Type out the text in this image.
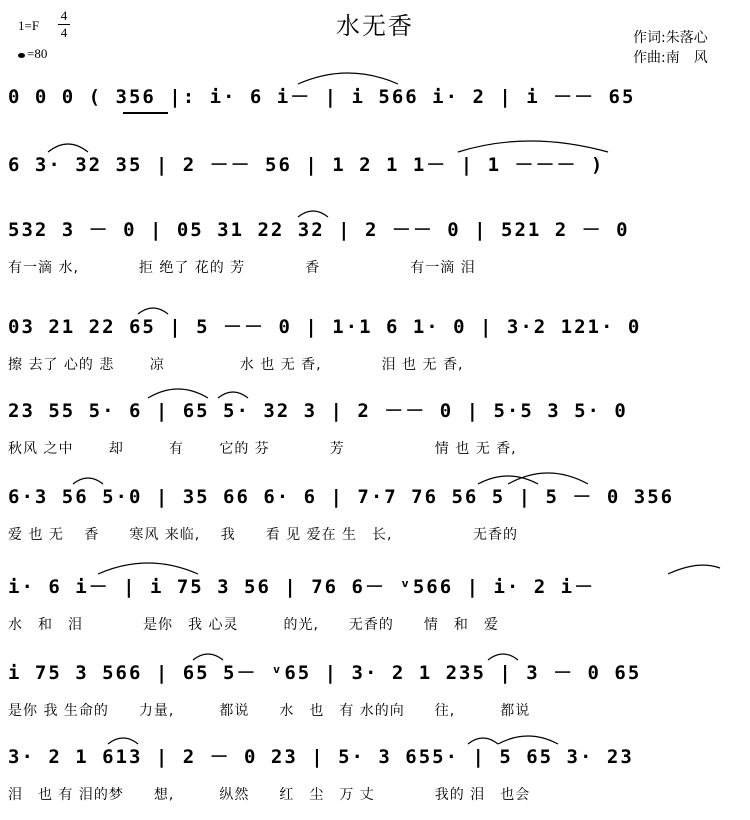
1=F
4
4
=80
水无香	作词:朱落心
作曲:南　风
0 0 0 ( 356 |: i· 6 i－ | i 566 i· 2 | i －－ 65
6 3· 32 35 | 2 －－ 56 | 1 2 1 1－ | 1 －－－ )
532 3 － 0 | 05 31 22 32 | 2 －－ 0 | 521 2 － 0
有一滴 水,　　　　拒 绝了 花的 芳　　　　香　　　　　　有一滴 泪
03 21 22 65 | 5 －－ 0 | 1·1 6 1· 0 | 3·2 121· 0
擦 去了 心的 悲　　 凉　　　　　水 也 无 香,　　　　泪 也 无 香,
23 55 5· 6 | 65 5· 32 3 | 2 －－ 0 | 5·5 3 5· 0
秋风 之中　　 却　　　有　　 它的 芬　　　　芳　　　　　　情 也 无 香,
6·3 56 5·0 | 35 66 6· 6 | 7·7 76 56 5 | 5 － 0 356
爱 也 无　 香　　寒风 来临,　 我　　看 见 爱在 生　长,　　　　　 无香的
i· 6 i－ | i 75 3 56 | 76 6－ ᵛ566 | i· 2 i－
水　和　泪　　　　是你　我 心灵　　　的光,　　无香的　　情　和　爱
i 75 3 566 | 65 5－ ᵛ65 | 3· 2 1 235 | 3 － 0 65
是你 我 生命的　　力量,　　　都说　　水　也　有 水的向　　往,　　　都说
3· 2 1 613 | 2 － 0 23 | 5· 3 655· | 5 65 3· 23
泪　也 有 泪的梦　　想,　　　纵然　　红　尘　万 丈　　　　我的 泪　也会
